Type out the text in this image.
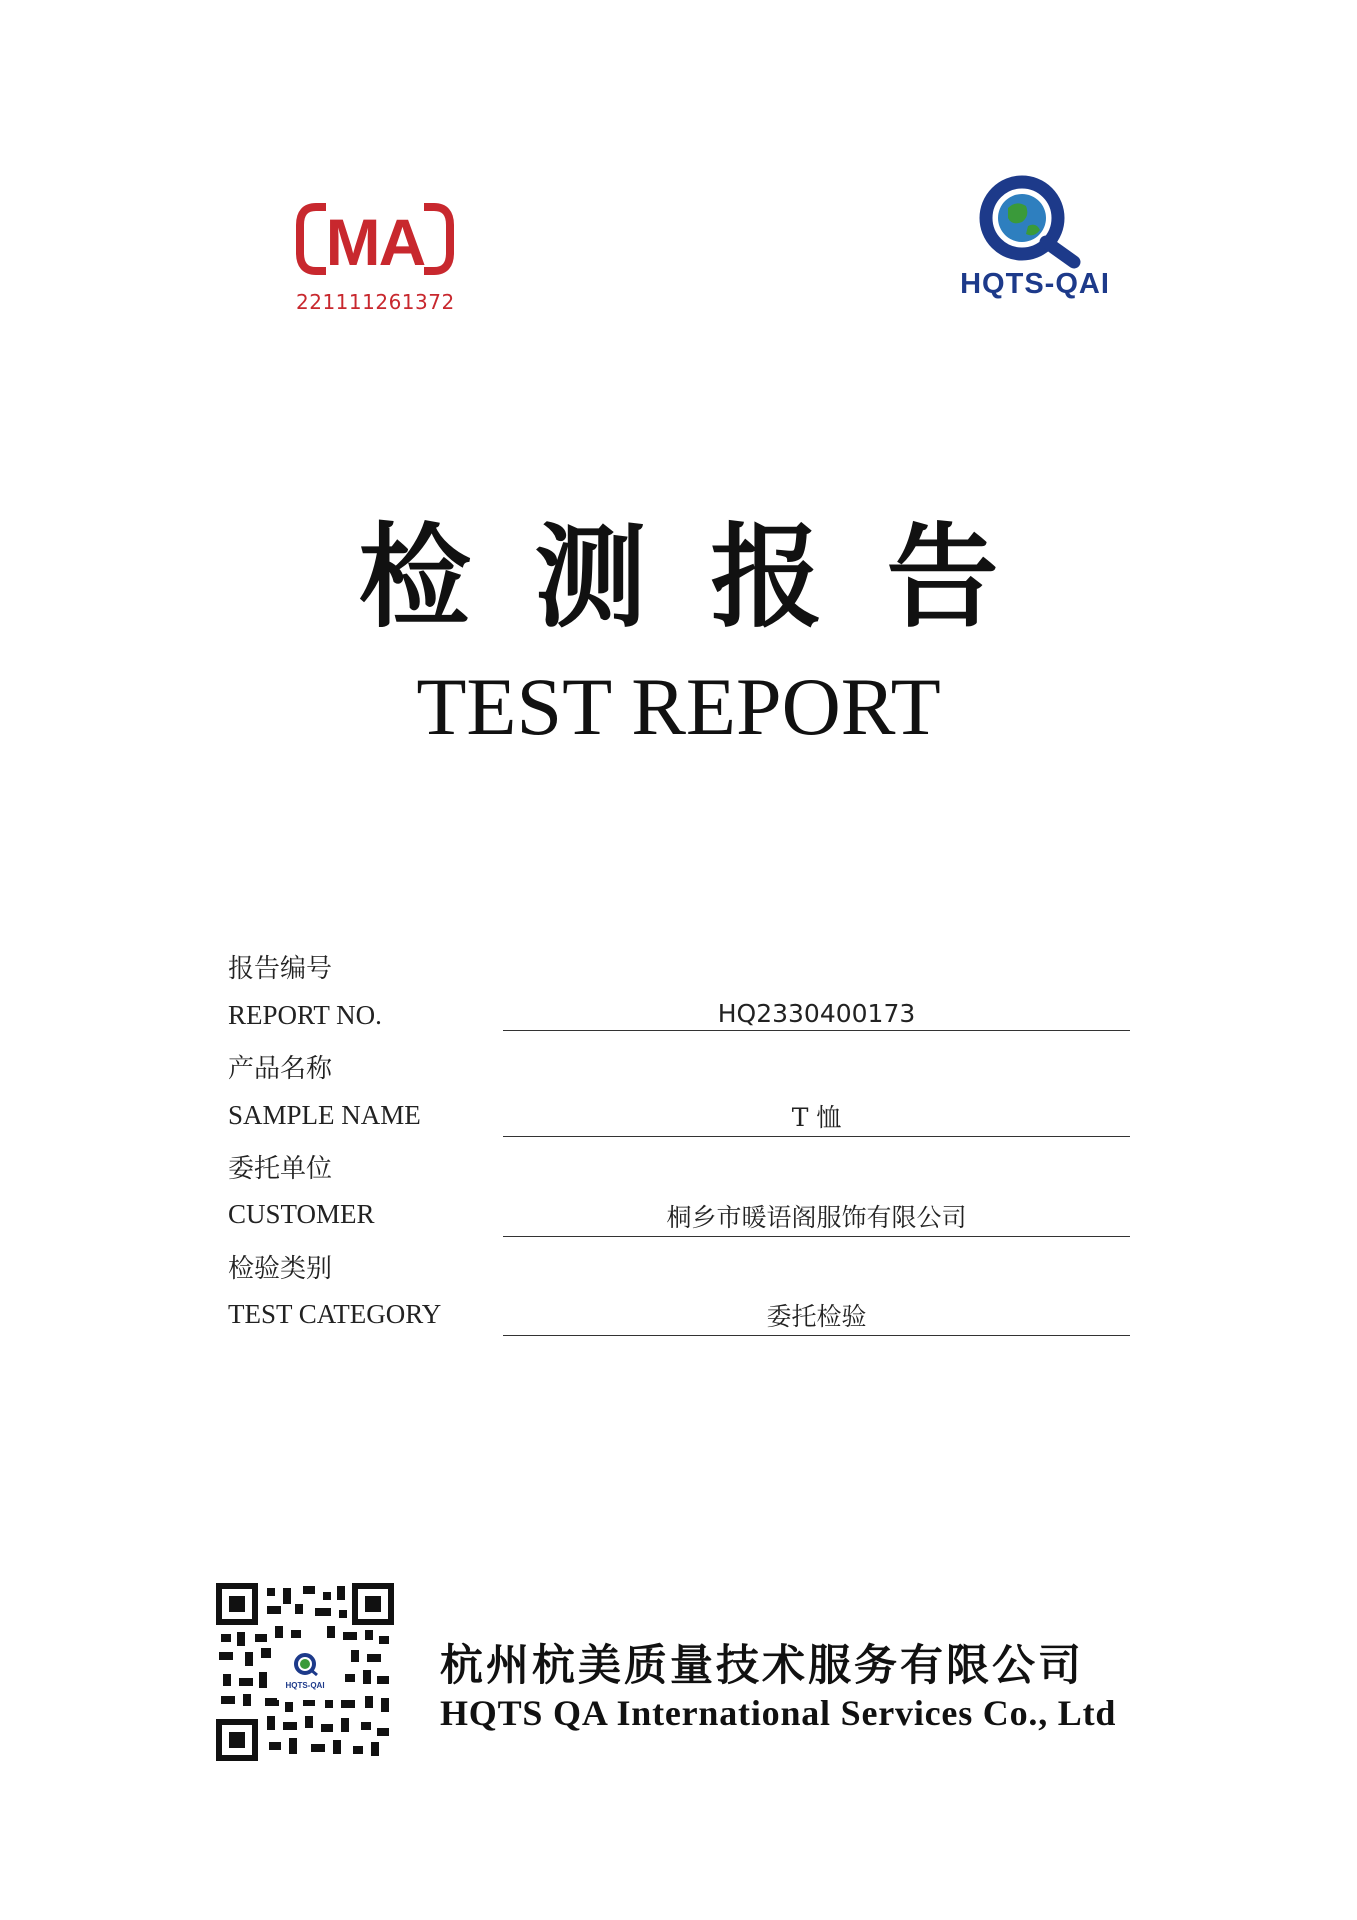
MA
221111261372
HQTS-QAI
检测报告
TEST REPORT
报告编号
REPORT NO.	HQ2330400173
产品名称
SAMPLE NAME	T 恤
委托单位
CUSTOMER	桐乡市暖语阁服饰有限公司
检验类别
TEST CATEGORY	委托检验
HQTS-QAI	杭州杭美质量技术服务有限公司
HQTS QA International Services Co., Ltd
